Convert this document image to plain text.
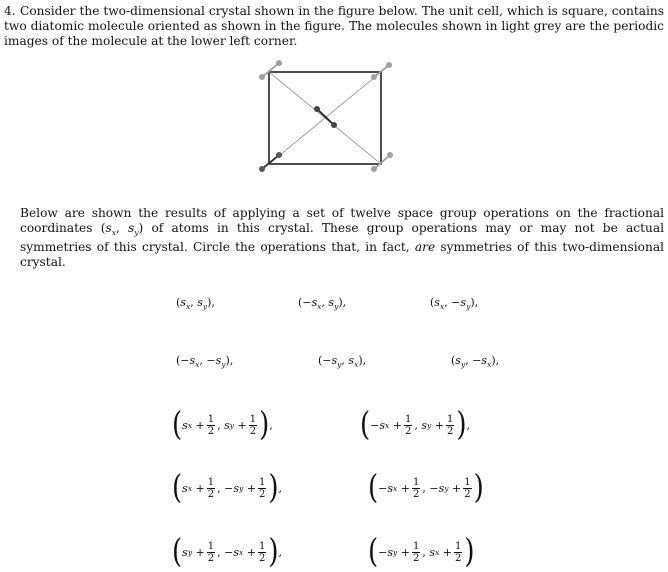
4. Consider the two-dimensional crystal shown in the figure below. The unit cell, which is square, contains two diatomic molecule oriented as shown in the figure. The molecules shown in light grey are the periodic images of the molecule at the lower left corner.
Below are shown the results of applying a set of twelve space group operations on the fractional coordinates ($s_x$, $s_y$) of atoms in this crystal. These group operations may or may not be actual symmetries of this crystal. Circle the operations that, in fact, are symmetries of this two-dimensional crystal.
($s_x$, $s_y$),	($-s_x$, $s_y$),	($s_x$, $-s_y$),
($-s_x$, $-s_y$),	($-s_y$, $s_x$),	($s_y$, $-s_x$),
( s $x + \frac{1}{2}$ , s $y + \frac{1}{2}$ ) ,	( − s $x + \frac{1}{2}$ , s $y + \frac{1}{2}$ ) ,
( s $x + \frac{1}{2}$ , − s $y + \frac{1}{2}$ ) ,	( − s $x + \frac{1}{2}$ , − s $y + \frac{1}{2}$ )
( s $y + \frac{1}{2}$ , − s $x + \frac{1}{2}$ ) ,	( − s $y + \frac{1}{2}$ , s $x + \frac{1}{2}$ )
